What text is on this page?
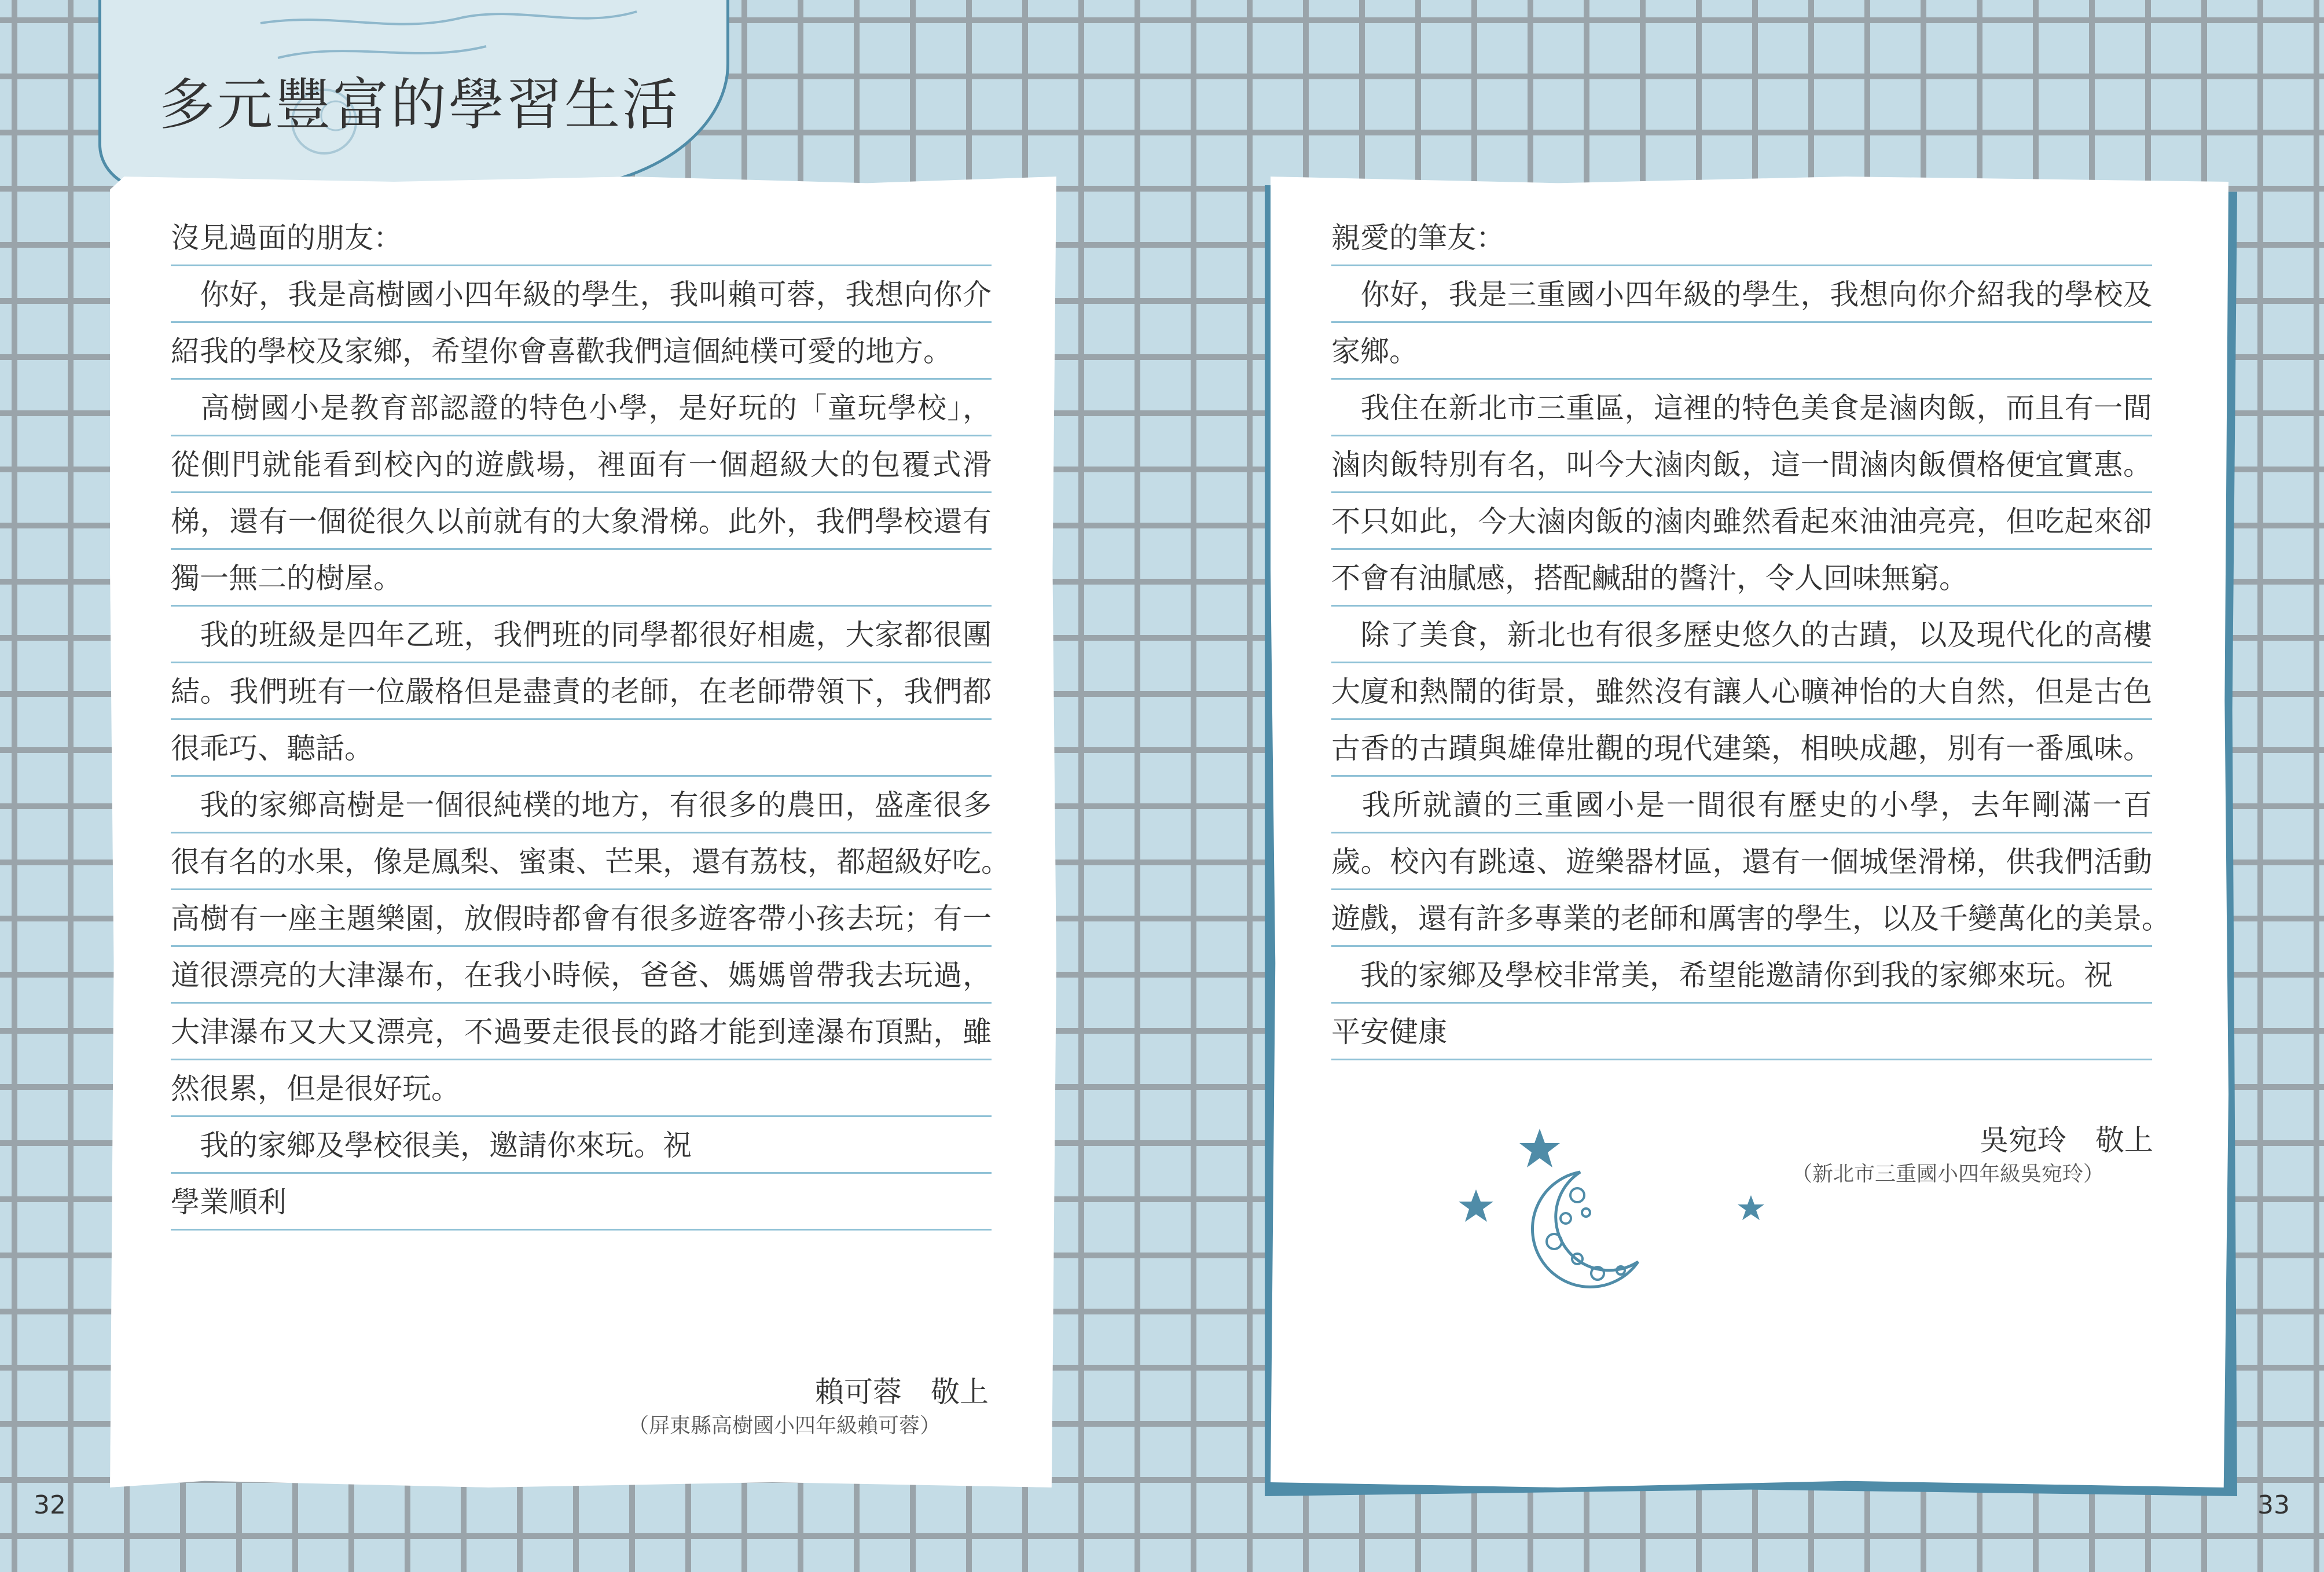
多元豐富的學習生活
沒見過面的朋友：
　你好，我是高樹國小四年級的學生，我叫賴可蓉，我想向你介
紹我的學校及家鄉，希望你會喜歡我們這個純樸可愛的地方。
　高樹國小是教育部認證的特色小學，是好玩的「童玩學校」，
從側門就能看到校內的遊戲場，裡面有一個超級大的包覆式滑
梯，還有一個從很久以前就有的大象滑梯。此外，我們學校還有
獨一無二的樹屋。
　我的班級是四年乙班，我們班的同學都很好相處，大家都很團
結。我們班有一位嚴格但是盡責的老師，在老師帶領下，我們都
很乖巧、聽話。
　我的家鄉高樹是一個很純樸的地方，有很多的農田，盛產很多
很有名的水果，像是鳳梨、蜜棗、芒果，還有荔枝，都超級好吃。
高樹有一座主題樂園，放假時都會有很多遊客帶小孩去玩；有一
道很漂亮的大津瀑布，在我小時候，爸爸、媽媽曾帶我去玩過，
大津瀑布又大又漂亮，不過要走很長的路才能到達瀑布頂點，雖
然很累，但是很好玩。
　我的家鄉及學校很美，邀請你來玩。祝
學業順利
賴可蓉　敬上
（屏東縣高樹國小四年級賴可蓉）
親愛的筆友：
　你好，我是三重國小四年級的學生，我想向你介紹我的學校及
家鄉。
　我住在新北市三重區，這裡的特色美食是滷肉飯，而且有一間
滷肉飯特別有名，叫今大滷肉飯，這一間滷肉飯價格便宜實惠。
不只如此，今大滷肉飯的滷肉雖然看起來油油亮亮，但吃起來卻
不會有油膩感，搭配鹹甜的醬汁，令人回味無窮。
　除了美食，新北也有很多歷史悠久的古蹟，以及現代化的高樓
大廈和熱鬧的街景，雖然沒有讓人心曠神怡的大自然，但是古色
古香的古蹟與雄偉壯觀的現代建築，相映成趣，別有一番風味。
　我所就讀的三重國小是一間很有歷史的小學，去年剛滿一百
歲。校內有跳遠、遊樂器材區，還有一個城堡滑梯，供我們活動
遊戲，還有許多專業的老師和厲害的學生，以及千變萬化的美景。
　我的家鄉及學校非常美，希望能邀請你到我的家鄉來玩。祝
平安健康
吳宛玲　敬上
（新北市三重國小四年級吳宛玲）
32	33
